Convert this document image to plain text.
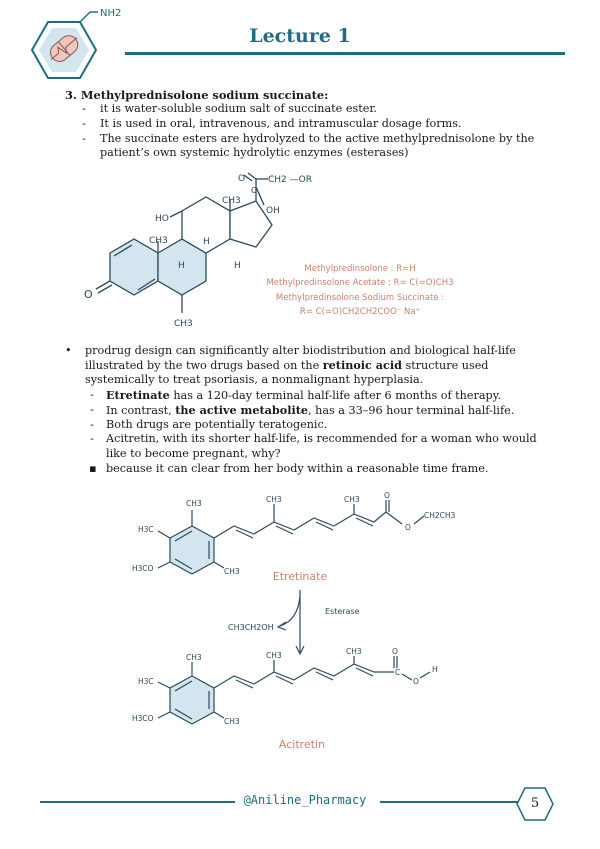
NH2
Lecture 1
3. Methylprednisolone sodium succinate:
- it is water-soluble sodium salt of succinate ester.
- It is used in oral, intravenous, and intramuscular dosage forms.
- The succinate esters are hydrolyzed to the active methylprednisolone by the
patient’s own systemic hydrolytic enzymes (esterases)
O	CH2 —OR
C
HO
OH
CH3
CH3
H
H
H
O
CH3
Methylpredinsolone : R=H
Methylpredinsolone Acetate : R= C(=O)CH3
Methylpredinsolone Sodium Succinate :
R= C(=O)CH2CH2COO⁻ Na⁺
• prodrug design can significantly alter biodistribution and biological half-life
illustrated by the two drugs based on the retinoic acid structure used
systemically to treat psoriasis, a nonmalignant hyperplasia.
- Etretinate has a 120-day terminal half-life after 6 months of therapy.
- In contrast, the active metabolite, has a 33–96 hour terminal half-life.
- Both drugs are potentially teratogenic.
- Acitretin, with its shorter half-life, is recommended for a woman who would
like to become pregnant, why?
▪ because it can clear from her body within a reasonable time frame.
CH3
H3C
H3CO	CH3
CH3	CH3	O
O
CH2CH3
Etretinate
CH3CH2OH
Esterase
CH3
H3C
H3CO	CH3
CH3	CH3	O
C
O
H
Acitretin
@Aniline_Pharmacy	5
